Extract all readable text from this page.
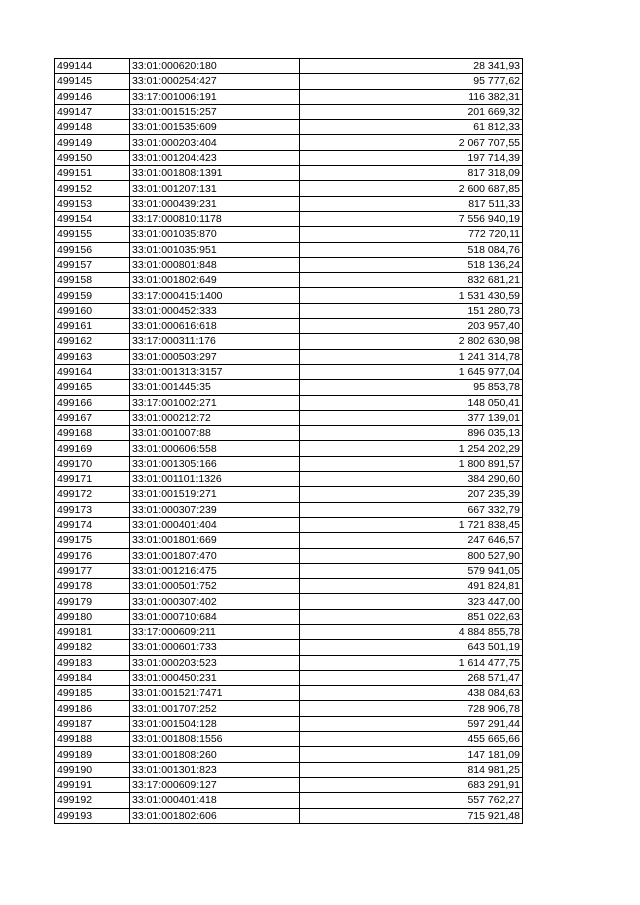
499144	33:01:000620:180	28 341,93
499145	33:01:000254:427	95 777,62
499146	33:17:001006:191	116 382,31
499147	33:01:001515:257	201 669,32
499148	33:01:001535:609	61 812,33
499149	33:01:000203:404	2 067 707,55
499150	33:01:001204:423	197 714,39
499151	33:01:001808:1391	817 318,09
499152	33:01:001207:131	2 600 687,85
499153	33:01:000439:231	817 511,33
499154	33:17:000810:1178	7 556 940,19
499155	33:01:001035:870	772 720,11
499156	33:01:001035:951	518 084,76
499157	33:01:000801:848	518 136,24
499158	33:01:001802:649	832 681,21
499159	33:17:000415:1400	1 531 430,59
499160	33:01:000452:333	151 280,73
499161	33:01:000616:618	203 957,40
499162	33:17:000311:176	2 802 630,98
499163	33:01:000503:297	1 241 314,78
499164	33:01:001313:3157	1 645 977,04
499165	33:01:001445:35	95 853,78
499166	33:17:001002:271	148 050,41
499167	33:01:000212:72	377 139,01
499168	33:01:001007:88	896 035,13
499169	33:01:000606:558	1 254 202,29
499170	33:01:001305:166	1 800 891,57
499171	33:01:001101:1326	384 290,60
499172	33:01:001519:271	207 235,39
499173	33:01:000307:239	667 332,79
499174	33:01:000401:404	1 721 838,45
499175	33:01:001801:669	247 646,57
499176	33:01:001807:470	800 527,90
499177	33:01:001216:475	579 941,05
499178	33:01:000501:752	491 824,81
499179	33:01:000307:402	323 447,00
499180	33:01:000710:684	851 022,63
499181	33:17:000609:211	4 884 855,78
499182	33:01:000601:733	643 501,19
499183	33:01:000203:523	1 614 477,75
499184	33:01:000450:231	268 571,47
499185	33:01:001521:7471	438 084,63
499186	33:01:001707:252	728 906,78
499187	33:01:001504:128	597 291,44
499188	33:01:001808:1556	455 665,66
499189	33:01:001808:260	147 181,09
499190	33:01:001301:823	814 981,25
499191	33:17:000609:127	683 291,91
499192	33:01:000401:418	557 762,27
499193	33:01:001802:606	715 921,48
